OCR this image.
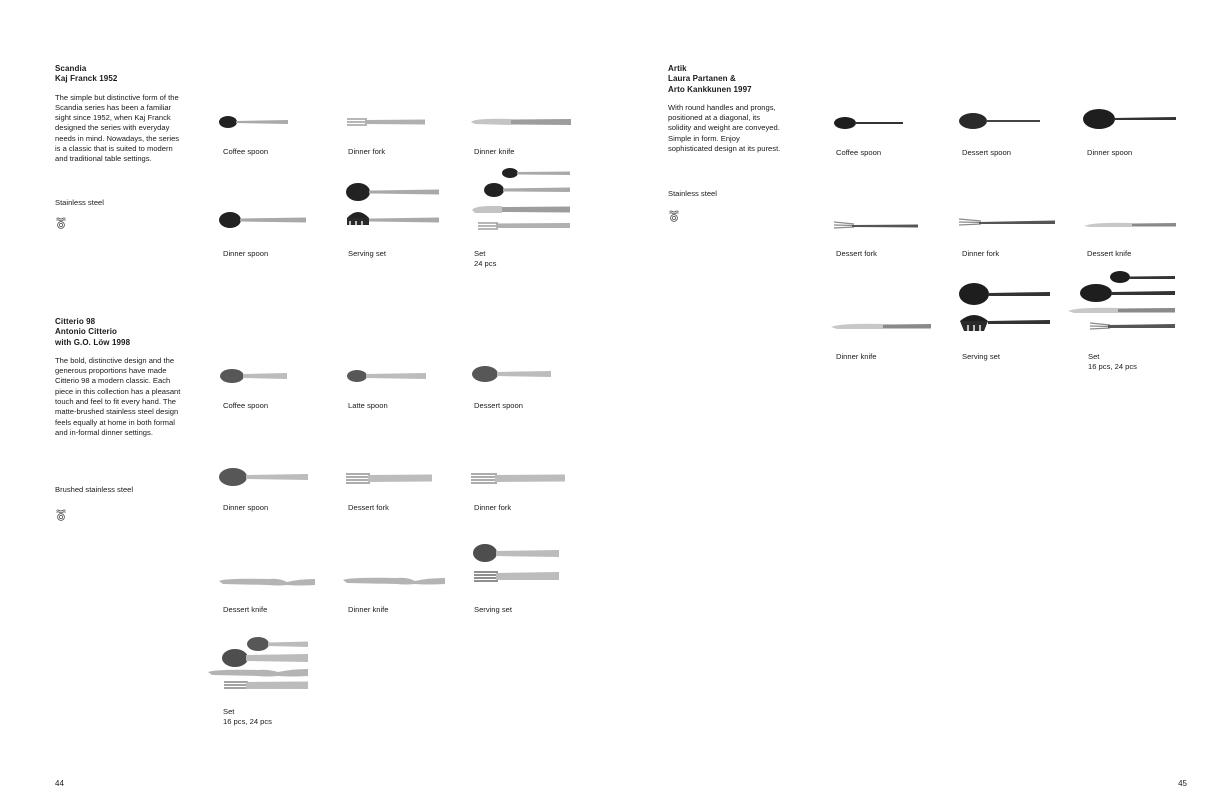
Scandia
Kaj Franck 1952
The simple but distinctive form of the Scandia series has been a familiar sight since 1952, when Kaj Franck designed the series with everyday needs in mind. Nowadays, the series is a classic that is suited to modern and traditional table settings.
Stainless steel
Coffee spoon	Dinner fork	Dinner knife
Dinner spoon	Serving set	Set
24 pcs
Citterio 98
Antonio Citterio
with G.O. Löw 1998
The bold, distinctive design and the generous proportions have made Citterio 98 a modern classic. Each piece in this collection has a pleasant touch and feel to fit every hand. The matte-brushed stainless steel design feels equally at home in both formal and in-formal dinner settings.
Brushed stainless steel
Coffee spoon	Latte spoon	Dessert spoon
Dinner spoon	Dessert fork	Dinner fork
Dessert knife	Dinner knife	Serving set
Set
16 pcs, 24 pcs
44
Artik
Laura Partanen &
Arto Kankkunen 1997
With round handles and prongs, positioned at a diagonal, its solidity and weight are conveyed. Simple in form. Enjoy sophisticated design at its purest.
Stainless steel
Coffee spoon	Dessert spoon	Dinner spoon
Dessert fork	Dinner fork	Dessert knife
Dinner knife	Serving set	Set
16 pcs, 24 pcs
45
